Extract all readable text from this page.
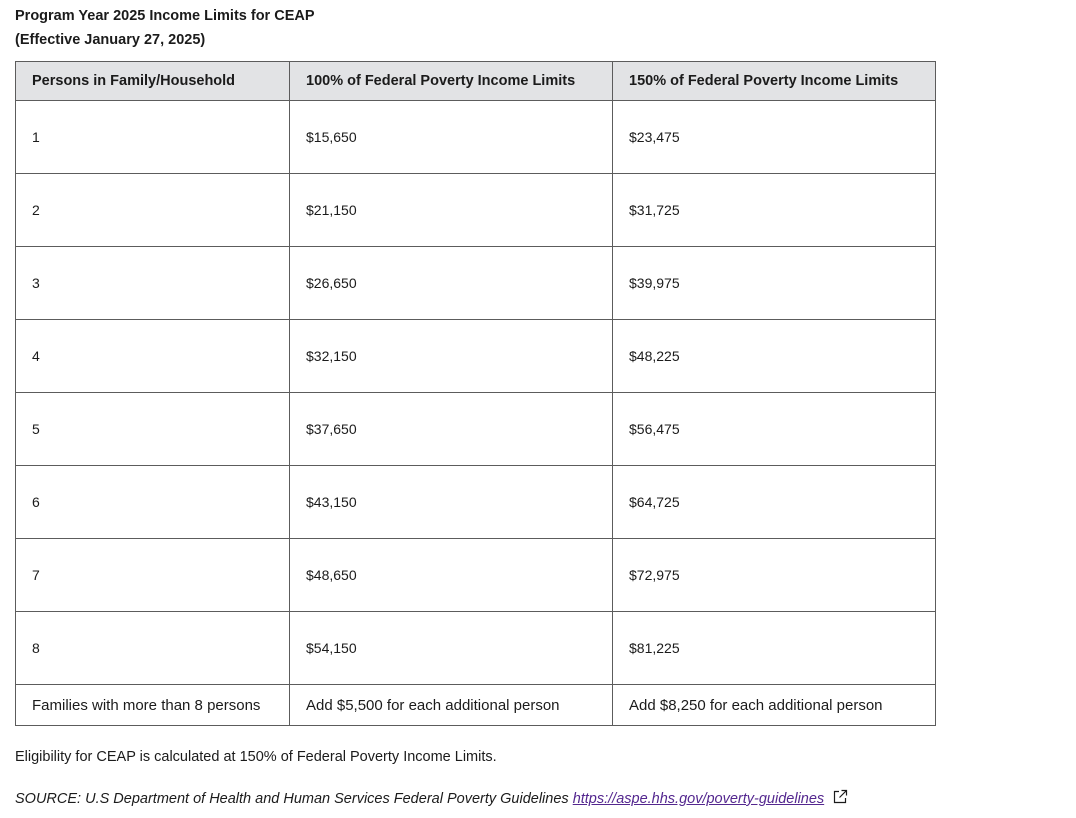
Program Year 2025 Income Limits for CEAP
(Effective January 27, 2025)
Persons in Family/Household	100% of Federal Poverty Income Limits	150% of Federal Poverty Income Limits
1	$15,650	$23,475
2	$21,150	$31,725
3	$26,650	$39,975
4	$32,150	$48,225
5	$37,650	$56,475
6	$43,150	$64,725
7	$48,650	$72,975
8	$54,150	$81,225
Families with more than 8 persons	Add $5,500 for each additional person	Add $8,250 for each additional person
Eligibility for CEAP is calculated at 150% of Federal Poverty Income Limits.
SOURCE: U.S Department of Health and Human Services Federal Poverty Guidelines https://aspe.hhs.gov/poverty-guidelines
